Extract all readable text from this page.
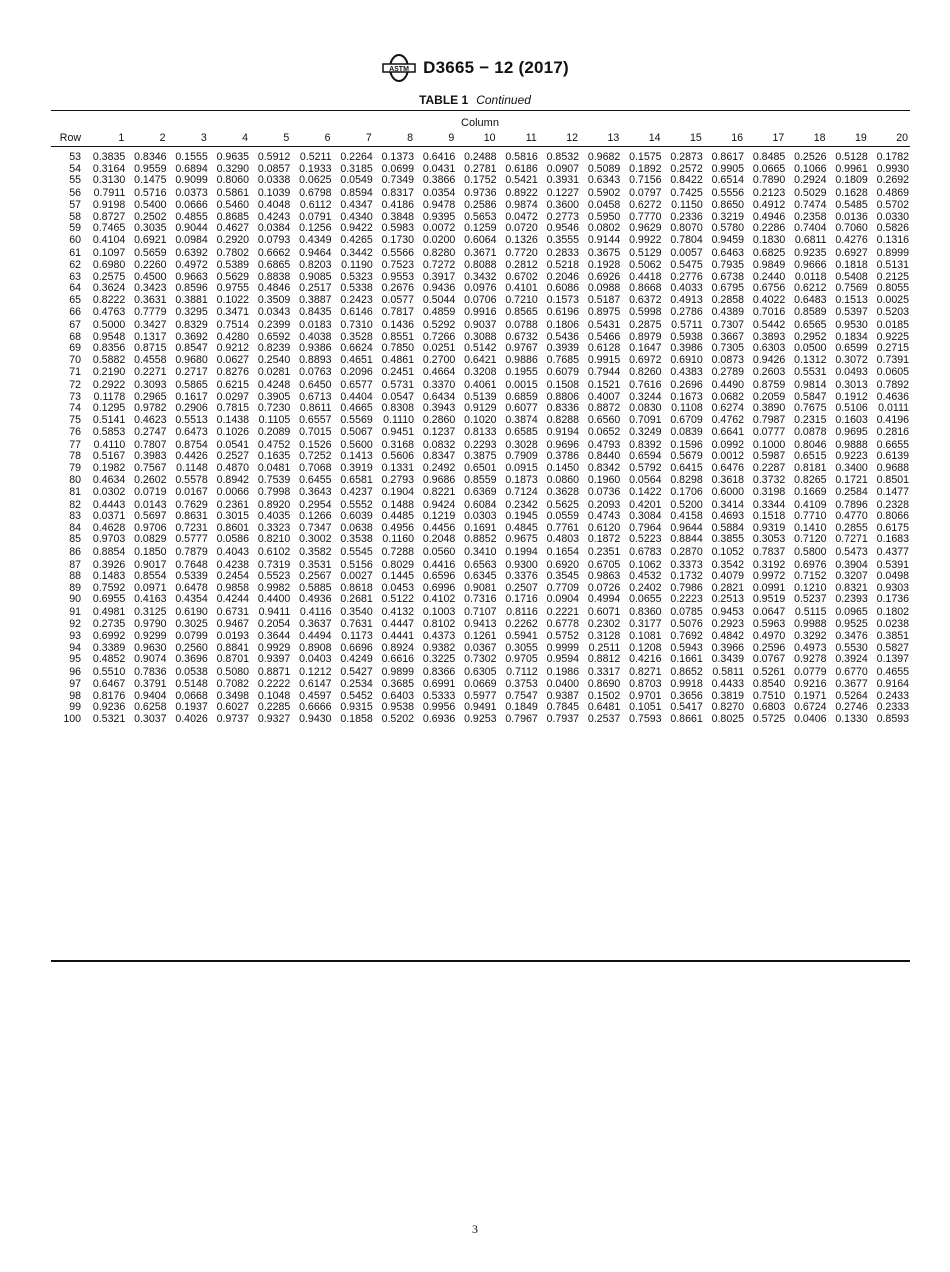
ASTM D3665 − 12 (2017)
TABLE 1 Continued
Column
Row	1	2	3	4	5	6	7	8	9	10	11	12	13	14	15	16	17	18	19	20
53	0.3835	0.8346	0.1555	0.9635	0.5912	0.5211	0.2264	0.1373	0.6416	0.2488	0.5816	0.8532	0.9682	0.1575	0.2873	0.8617	0.8485	0.2526	0.5128	0.1782
54	0.3164	0.9559	0.6894	0.3290	0.0857	0.1933	0.3185	0.0699	0.0431	0.2781	0.6186	0.0907	0.5089	0.1892	0.2572	0.9905	0.0665	0.1066	0.9961	0.9930
55	0.3130	0.1475	0.9099	0.8060	0.0338	0.0625	0.0549	0.7349	0.3866	0.1752	0.5421	0.3931	0.6343	0.7156	0.8422	0.6514	0.7890	0.2924	0.1809	0.2692
56	0.7911	0.5716	0.0373	0.5861	0.1039	0.6798	0.8594	0.8317	0.0354	0.9736	0.8922	0.1227	0.5902	0.0797	0.7425	0.5556	0.2123	0.5029	0.1628	0.4869
57	0.9198	0.5400	0.0666	0.5460	0.4048	0.6112	0.4347	0.4186	0.9478	0.2586	0.9874	0.3600	0.0458	0.6272	0.1150	0.8650	0.4912	0.7474	0.5485	0.5702
58	0.8727	0.2502	0.4855	0.8685	0.4243	0.0791	0.4340	0.3848	0.9395	0.5653	0.0472	0.2773	0.5950	0.7770	0.2336	0.3219	0.4946	0.2358	0.0136	0.0330
59	0.7465	0.3035	0.9044	0.4627	0.0384	0.1256	0.9422	0.5983	0.0072	0.1259	0.0720	0.9546	0.0802	0.9629	0.8070	0.5780	0.2286	0.7404	0.7060	0.5826
60	0.4104	0.6921	0.0984	0.2920	0.0793	0.4349	0.4265	0.1730	0.0200	0.6064	0.1326	0.3555	0.9144	0.9922	0.7804	0.9459	0.1830	0.6811	0.4276	0.1316
61	0.1097	0.5659	0.6392	0.7802	0.6662	0.9464	0.3442	0.5566	0.8280	0.3671	0.7720	0.2833	0.3675	0.5129	0.0057	0.6463	0.6825	0.9235	0.6927	0.8999
62	0.6980	0.2260	0.4972	0.5389	0.6865	0.8203	0.1190	0.7523	0.7272	0.8088	0.2812	0.5218	0.1928	0.5062	0.5475	0.7935	0.9849	0.9666	0.1818	0.5131
63	0.2575	0.4500	0.9663	0.5629	0.8838	0.9085	0.5323	0.9553	0.3917	0.3432	0.6702	0.2046	0.6926	0.4418	0.2776	0.6738	0.2440	0.0118	0.5408	0.2125
64	0.3624	0.3423	0.8596	0.9755	0.4846	0.2517	0.5338	0.2676	0.9436	0.0976	0.4101	0.6086	0.0988	0.8668	0.4033	0.6795	0.6756	0.6212	0.7569	0.8055
65	0.8222	0.3631	0.3881	0.1022	0.3509	0.3887	0.2423	0.0577	0.5044	0.0706	0.7210	0.1573	0.5187	0.6372	0.4913	0.2858	0.4022	0.6483	0.1513	0.0025
66	0.4763	0.7779	0.3295	0.3471	0.0343	0.8435	0.6146	0.7817	0.4859	0.9916	0.8565	0.6196	0.8975	0.5998	0.2786	0.4389	0.7016	0.8589	0.5397	0.5203
67	0.5000	0.3427	0.8329	0.7514	0.2399	0.0183	0.7310	0.1436	0.5292	0.9037	0.0788	0.1806	0.5431	0.2875	0.5711	0.7307	0.5442	0.6565	0.9530	0.0185
68	0.9548	0.1317	0.3692	0.4280	0.6592	0.4038	0.3528	0.8551	0.7266	0.3088	0.6732	0.5436	0.5466	0.8979	0.5938	0.3667	0.3893	0.2952	0.1834	0.9225
69	0.8356	0.8715	0.8547	0.9212	0.8239	0.9386	0.6624	0.7850	0.0251	0.5142	0.9767	0.3939	0.6128	0.1647	0.3986	0.7305	0.6303	0.0500	0.6599	0.2715
70	0.5882	0.4558	0.9680	0.0627	0.2540	0.8893	0.4651	0.4861	0.2700	0.6421	0.9886	0.7685	0.9915	0.6972	0.6910	0.0873	0.9426	0.1312	0.3072	0.7391
71	0.2190	0.2271	0.2717	0.8276	0.0281	0.0763	0.2096	0.2451	0.4664	0.3208	0.1955	0.6079	0.7944	0.8260	0.4383	0.2789	0.2603	0.5531	0.0493	0.0605
72	0.2922	0.3093	0.5865	0.6215	0.4248	0.6450	0.6577	0.5731	0.3370	0.4061	0.0015	0.1508	0.1521	0.7616	0.2696	0.4490	0.8759	0.9814	0.3013	0.7892
73	0.1178	0.2965	0.1617	0.0297	0.3905	0.6713	0.4404	0.0547	0.6434	0.5139	0.6859	0.8806	0.4007	0.3244	0.1673	0.0682	0.2059	0.5847	0.1912	0.4636
74	0.1295	0.9782	0.2906	0.7815	0.7230	0.8611	0.4665	0.8308	0.3943	0.9129	0.6077	0.8336	0.8872	0.0830	0.1108	0.6274	0.3890	0.7675	0.5106	0.0111
75	0.5141	0.4623	0.5513	0.1438	0.1105	0.6557	0.5569	0.1110	0.2860	0.1020	0.3874	0.8288	0.6560	0.7091	0.6709	0.4762	0.7987	0.2315	0.1603	0.4196
76	0.5853	0.2747	0.6473	0.1026	0.2089	0.7015	0.5067	0.9451	0.1237	0.8133	0.6585	0.9194	0.0652	0.3249	0.0839	0.6641	0.0777	0.0878	0.9695	0.2816
77	0.4110	0.7807	0.8754	0.0541	0.4752	0.1526	0.5600	0.3168	0.0832	0.2293	0.3028	0.9696	0.4793	0.8392	0.1596	0.0992	0.1000	0.8046	0.9888	0.6655
78	0.5167	0.3983	0.4426	0.2527	0.1635	0.7252	0.1413	0.5606	0.8347	0.3875	0.7909	0.3786	0.8440	0.6594	0.5679	0.0012	0.5987	0.6515	0.9223	0.6139
79	0.1982	0.7567	0.1148	0.4870	0.0481	0.7068	0.3919	0.1331	0.2492	0.6501	0.0915	0.1450	0.8342	0.5792	0.6415	0.6476	0.2287	0.8181	0.3400	0.9688
80	0.4634	0.2602	0.5578	0.8942	0.7539	0.6455	0.6581	0.2793	0.9686	0.8559	0.1873	0.0860	0.1960	0.0564	0.8298	0.3618	0.3732	0.8265	0.1721	0.8501
81	0.0302	0.0719	0.0167	0.0066	0.7998	0.3643	0.4237	0.1904	0.8221	0.6369	0.7124	0.3628	0.0736	0.1422	0.1706	0.6000	0.3198	0.1669	0.2584	0.1477
82	0.4443	0.0143	0.7629	0.2361	0.8920	0.2954	0.5552	0.1488	0.9424	0.6084	0.2342	0.5625	0.2093	0.4201	0.5200	0.3414	0.3344	0.4109	0.7896	0.2328
83	0.0371	0.5697	0.8631	0.3015	0.4035	0.1266	0.6039	0.4485	0.1219	0.0303	0.1945	0.0559	0.4743	0.3084	0.4158	0.4693	0.1518	0.7710	0.4770	0.8066
84	0.4628	0.9706	0.7231	0.8601	0.3323	0.7347	0.0638	0.4956	0.4456	0.1691	0.4845	0.7761	0.6120	0.7964	0.9644	0.5884	0.9319	0.1410	0.2855	0.6175
85	0.9703	0.0829	0.5777	0.0586	0.8210	0.3002	0.3538	0.1160	0.2048	0.8852	0.9675	0.4803	0.1872	0.5223	0.8844	0.3855	0.3053	0.7120	0.7271	0.1683
86	0.8854	0.1850	0.7879	0.4043	0.6102	0.3582	0.5545	0.7288	0.0560	0.3410	0.1994	0.1654	0.2351	0.6783	0.2870	0.1052	0.7837	0.5800	0.5473	0.4377
87	0.3926	0.9017	0.7648	0.4238	0.7319	0.3531	0.5156	0.8029	0.4416	0.6563	0.9300	0.6920	0.6705	0.1062	0.3373	0.3542	0.3192	0.6976	0.3904	0.5391
88	0.1483	0.8554	0.5339	0.2454	0.5523	0.2567	0.0027	0.1445	0.6596	0.6345	0.3376	0.3545	0.9863	0.4532	0.1732	0.4079	0.9972	0.7152	0.3207	0.0498
89	0.7592	0.0971	0.6478	0.9858	0.9982	0.5885	0.8618	0.0453	0.6996	0.9081	0.2507	0.7709	0.0726	0.2402	0.7986	0.2821	0.0991	0.1210	0.8321	0.9303
90	0.6955	0.4163	0.4354	0.4244	0.4400	0.4936	0.2681	0.5122	0.4102	0.7316	0.1716	0.0904	0.4994	0.0655	0.2223	0.2513	0.9519	0.5237	0.2393	0.1736
91	0.4981	0.3125	0.6190	0.6731	0.9411	0.4116	0.3540	0.4132	0.1003	0.7107	0.8116	0.2221	0.6071	0.8360	0.0785	0.9453	0.0647	0.5115	0.0965	0.1802
92	0.2735	0.9790	0.3025	0.9467	0.2054	0.3637	0.7631	0.4447	0.8102	0.9413	0.2262	0.6778	0.2302	0.3177	0.5076	0.2923	0.5963	0.9988	0.9525	0.0238
93	0.6992	0.9299	0.0799	0.0193	0.3644	0.4494	0.1173	0.4441	0.4373	0.1261	0.5941	0.5752	0.3128	0.1081	0.7692	0.4842	0.4970	0.3292	0.3476	0.3851
94	0.3389	0.9630	0.2560	0.8841	0.9929	0.8908	0.6696	0.8924	0.9382	0.0367	0.3055	0.9999	0.2511	0.1208	0.5943	0.3966	0.2596	0.4973	0.5530	0.5827
95	0.4852	0.9074	0.3696	0.8701	0.9397	0.0403	0.4249	0.6616	0.3225	0.7302	0.9705	0.9594	0.8812	0.4216	0.1661	0.3439	0.0767	0.9278	0.3924	0.1397
96	0.5510	0.7836	0.0538	0.5080	0.8871	0.1212	0.5427	0.9899	0.8366	0.6305	0.7112	0.1986	0.3317	0.8271	0.8652	0.5811	0.5261	0.0779	0.6770	0.4655
97	0.6467	0.3791	0.5148	0.7082	0.2222	0.6147	0.2534	0.3685	0.6991	0.0669	0.3753	0.0400	0.8690	0.8703	0.9918	0.4433	0.8540	0.9216	0.3677	0.9164
98	0.8176	0.9404	0.0668	0.3498	0.1048	0.4597	0.5452	0.6403	0.5333	0.5977	0.7547	0.9387	0.1502	0.9701	0.3656	0.3819	0.7510	0.1971	0.5264	0.2433
99	0.9236	0.6258	0.1937	0.6027	0.2285	0.6666	0.9315	0.9538	0.9956	0.9491	0.1849	0.7845	0.6481	0.1051	0.5417	0.8270	0.6803	0.6724	0.2746	0.2333
100	0.5321	0.3037	0.4026	0.9737	0.9327	0.9430	0.1858	0.5202	0.6936	0.9253	0.7967	0.7937	0.2537	0.7593	0.8661	0.8025	0.5725	0.0406	0.1330	0.8593
3
